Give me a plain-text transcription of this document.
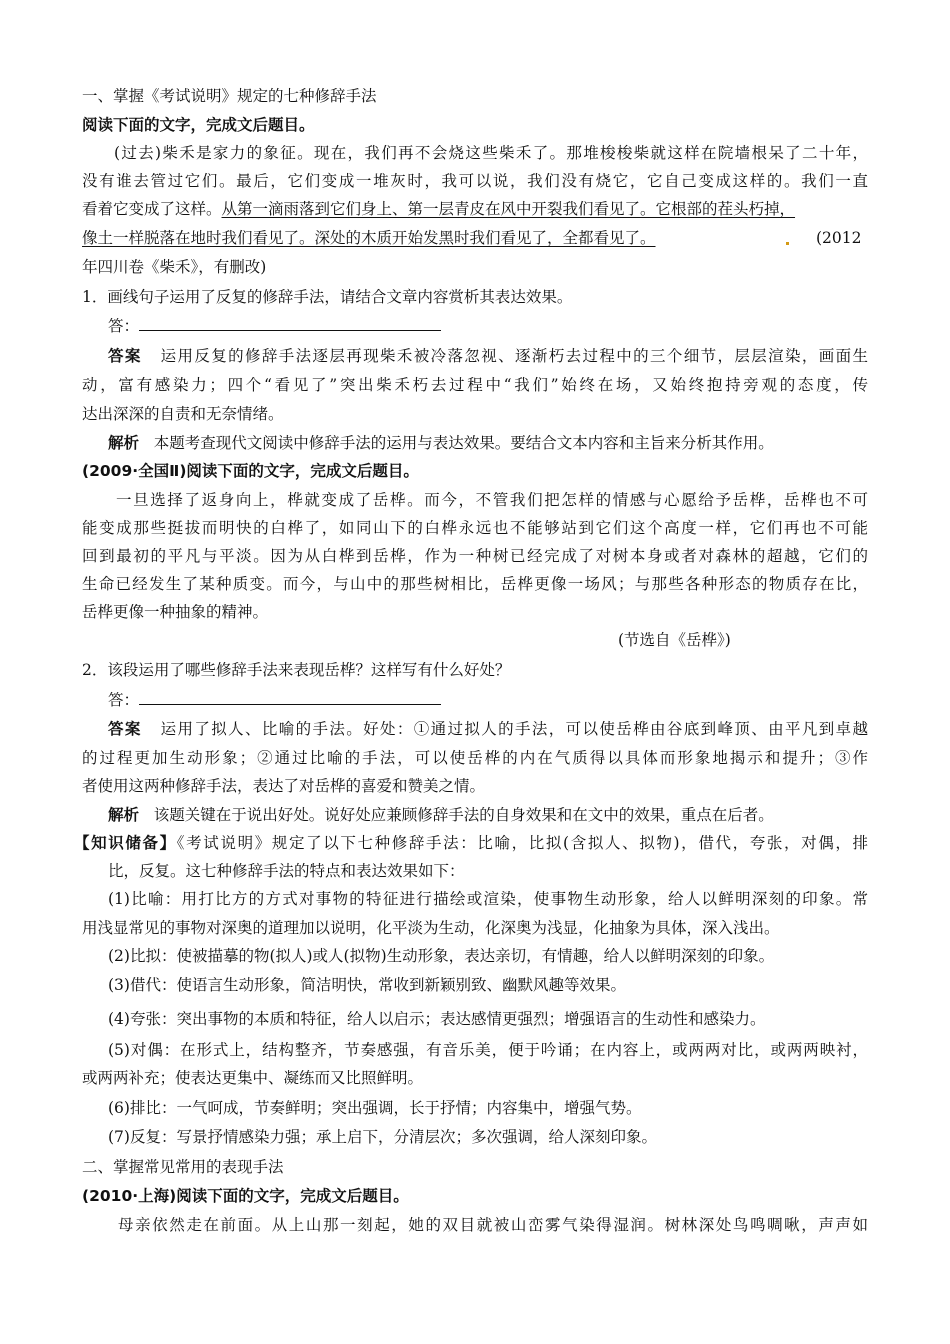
一、掌握《考试说明》规定的七种修辞手法
阅读下面的文字，完成文后题目。
(过去)柴禾是家力的象征。现在，我们再不会烧这些柴禾了。那堆梭梭柴就这样在院墙根呆了二十年，
没有谁去管过它们。最后，它们变成一堆灰时，我可以说，我们没有烧它，它自己变成这样的。我们一直
看着它变成了这样。从第一滴雨落到它们身上、第一层青皮在风中开裂我们看见了。它根部的茬头朽掉，
像土一样脱落在地时我们看见了。深处的木质开始发黑时我们看见了，全都看见了。	(2012
年四川卷《柴禾》，有删改)
1．画线句子运用了反复的修辞手法，请结合文章内容赏析其表达效果。
答：
答案 运用反复的修辞手法逐层再现柴禾被冷落忽视、逐渐朽去过程中的三个细节，层层渲染，画面生
动，富有感染力；四个“看见了”突出柴禾朽去过程中“我们”始终在场，又始终抱持旁观的态度，传
达出深深的自责和无奈情绪。
解析 本题考查现代文阅读中修辞手法的运用与表达效果。要结合文本内容和主旨来分析其作用。
(2009·全国Ⅱ)阅读下面的文字，完成文后题目。
一旦选择了返身向上，桦就变成了岳桦。而今，不管我们把怎样的情感与心愿给予岳桦，岳桦也不可
能变成那些挺拔而明快的白桦了，如同山下的白桦永远也不能够站到它们这个高度一样，它们再也不可能
回到最初的平凡与平淡。因为从白桦到岳桦，作为一种树已经完成了对树本身或者对森林的超越，它们的
生命已经发生了某种质变。而今，与山中的那些树相比，岳桦更像一场风；与那些各种形态的物质存在比，
岳桦更像一种抽象的精神。
(节选自《岳桦》)
2．该段运用了哪些修辞手法来表现岳桦？这样写有什么好处？
答：
答案 运用了拟人、比喻的手法。好处：①通过拟人的手法，可以使岳桦由谷底到峰顶、由平凡到卓越
的过程更加生动形象；②通过比喻的手法，可以使岳桦的内在气质得以具体而形象地揭示和提升；③作
者使用这两种修辞手法，表达了对岳桦的喜爱和赞美之情。
解析 该题关键在于说出好处。说好处应兼顾修辞手法的自身效果和在文中的效果，重点在后者。
【知识储备】《考试说明》规定了以下七种修辞手法：比喻，比拟(含拟人、拟物)，借代，夸张，对偶，排
比，反复。这七种修辞手法的特点和表达效果如下：
(1)比喻：用打比方的方式对事物的特征进行描绘或渲染，使事物生动形象，给人以鲜明深刻的印象。常
用浅显常见的事物对深奥的道理加以说明，化平淡为生动，化深奥为浅显，化抽象为具体，深入浅出。
(2)比拟：使被描摹的物(拟人)或人(拟物)生动形象，表达亲切，有情趣，给人以鲜明深刻的印象。
(3)借代：使语言生动形象，简洁明快，常收到新颖别致、幽默风趣等效果。
(4)夸张：突出事物的本质和特征，给人以启示；表达感情更强烈；增强语言的生动性和感染力。
(5)对偶：在形式上，结构整齐，节奏感强，有音乐美，便于吟诵；在内容上，或两两对比，或两两映衬，
或两两补充；使表达更集中、凝练而又比照鲜明。
(6)排比：一气呵成，节奏鲜明；突出强调，长于抒情；内容集中，增强气势。
(7)反复：写景抒情感染力强；承上启下，分清层次；多次强调，给人深刻印象。
二、掌握常见常用的表现手法
(2010·上海)阅读下面的文字，完成文后题目。
母亲依然走在前面。从上山那一刻起，她的双目就被山峦雾气染得湿润。树林深处鸟鸣啁啾，声声如
